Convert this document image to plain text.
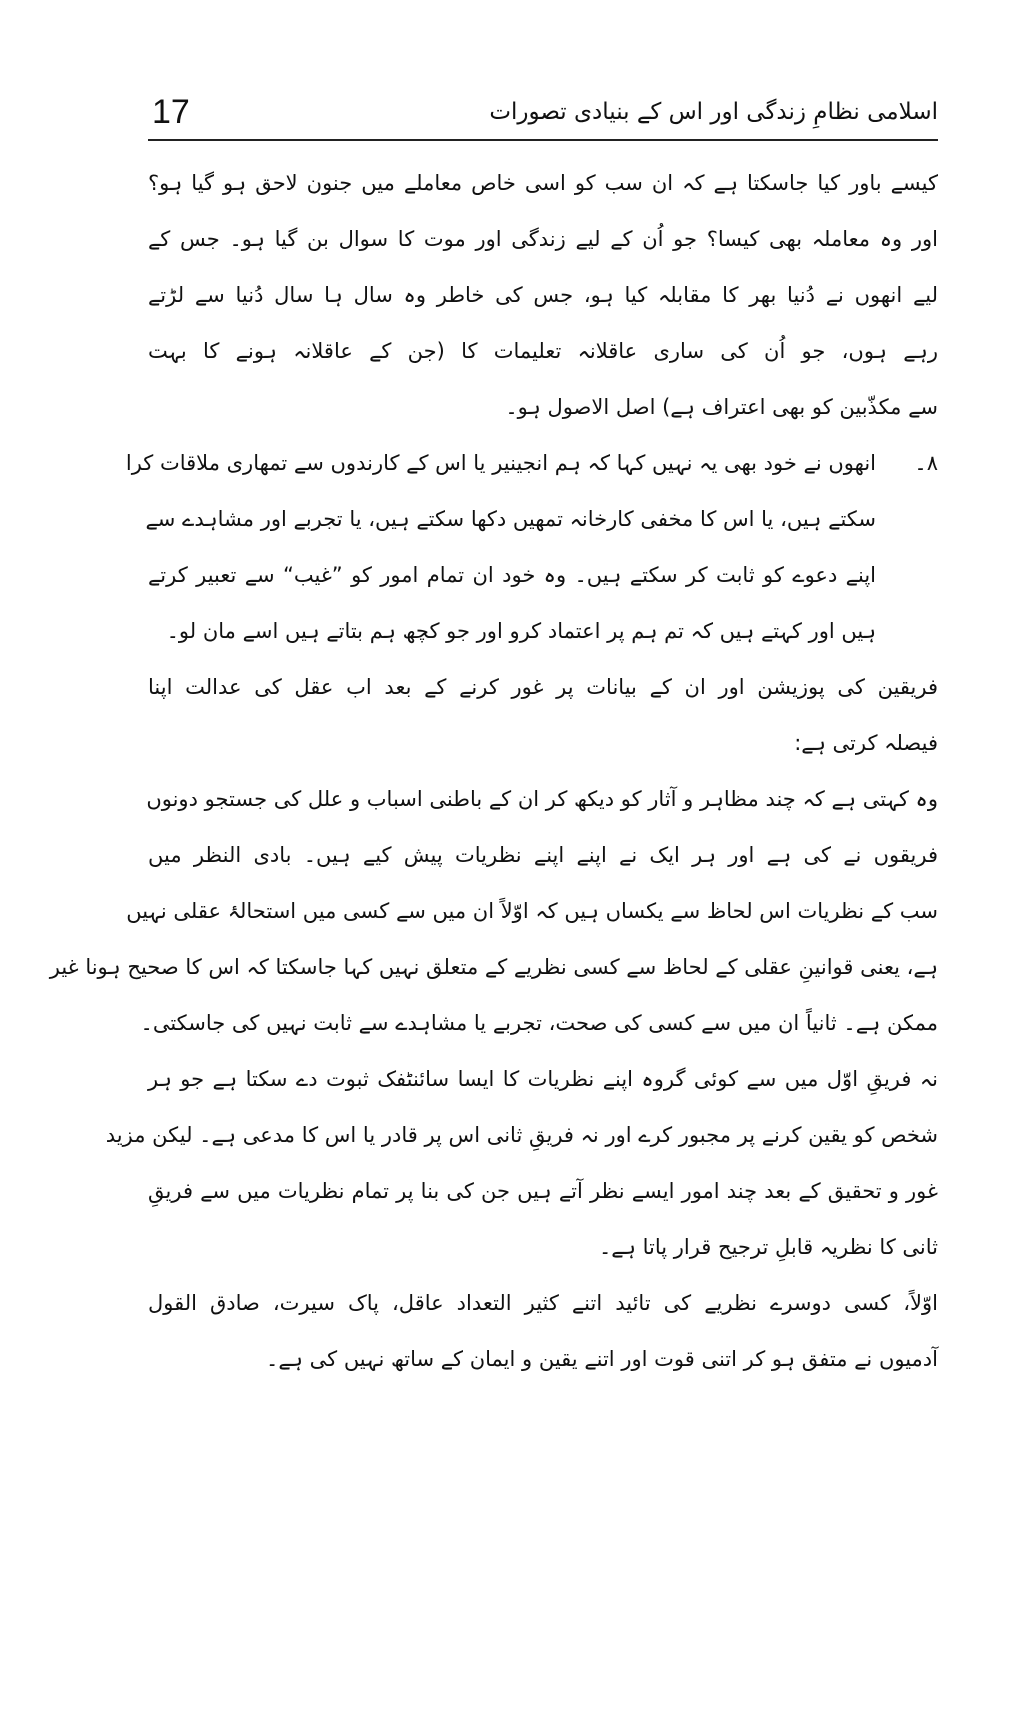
17	اسلامی نظامِ زندگی اور اس کے بنیادی تصورات
کیسے باور کیا جاسکتا ہے کہ ان سب کو اسی خاص معاملے میں جنون لاحق ہو گیا ہو؟
اور وہ معاملہ بھی کیسا؟ جو اُن کے لیے زندگی اور موت کا سوال بن گیا ہو۔ جس کے
لیے انھوں نے دُنیا بھر کا مقابلہ کیا ہو، جس کی خاطر وہ سال ہا سال دُنیا سے لڑتے
رہے ہوں، جو اُن کی ساری عاقلانہ تعلیمات کا (جن کے عاقلانہ ہونے کا بہت
سے مکذّبین کو بھی اعتراف ہے) اصل الاصول ہو۔
۸۔
انھوں نے خود بھی یہ نہیں کہا کہ ہم انجینیر یا اس کے کارندوں سے تمھاری ملاقات کرا
سکتے ہیں، یا اس کا مخفی کارخانہ تمھیں دکھا سکتے ہیں، یا تجربے اور مشاہدے سے
اپنے دعوے کو ثابت کر سکتے ہیں۔ وہ خود ان تمام امور کو ”غیب“ سے تعبیر کرتے
ہیں اور کہتے ہیں کہ تم ہم پر اعتماد کرو اور جو کچھ ہم بتاتے ہیں اسے مان لو۔
فریقین کی پوزیشن اور ان کے بیانات پر غور کرنے کے بعد اب عقل کی عدالت اپنا
فیصلہ کرتی ہے:
وہ کہتی ہے کہ چند مظاہر و آثار کو دیکھ کر ان کے باطنی اسباب و علل کی جستجو دونوں
فریقوں نے کی ہے اور ہر ایک نے اپنے اپنے نظریات پیش کیے ہیں۔ بادی النظر میں
سب کے نظریات اس لحاظ سے یکساں ہیں کہ اوّلاً ان میں سے کسی میں استحالۂ عقلی نہیں
ہے، یعنی قوانینِ عقلی کے لحاظ سے کسی نظریے کے متعلق نہیں کہا جاسکتا کہ اس کا صحیح ہونا غیر
ممکن ہے۔ ثانیاً ان میں سے کسی کی صحت، تجربے یا مشاہدے سے ثابت نہیں کی جاسکتی۔
نہ فریقِ اوّل میں سے کوئی گروہ اپنے نظریات کا ایسا سائنٹفک ثبوت دے سکتا ہے جو ہر
شخص کو یقین کرنے پر مجبور کرے اور نہ فریقِ ثانی اس پر قادر یا اس کا مدعی ہے۔ لیکن مزید
غور و تحقیق کے بعد چند امور ایسے نظر آتے ہیں جن کی بنا پر تمام نظریات میں سے فریقِ
ثانی کا نظریہ قابلِ ترجیح قرار پاتا ہے۔
اوّلاً، کسی دوسرے نظریے کی تائید اتنے کثیر التعداد عاقل، پاک سیرت، صادق القول
آدمیوں نے متفق ہو کر اتنی قوت اور اتنے یقین و ایمان کے ساتھ نہیں کی ہے۔
